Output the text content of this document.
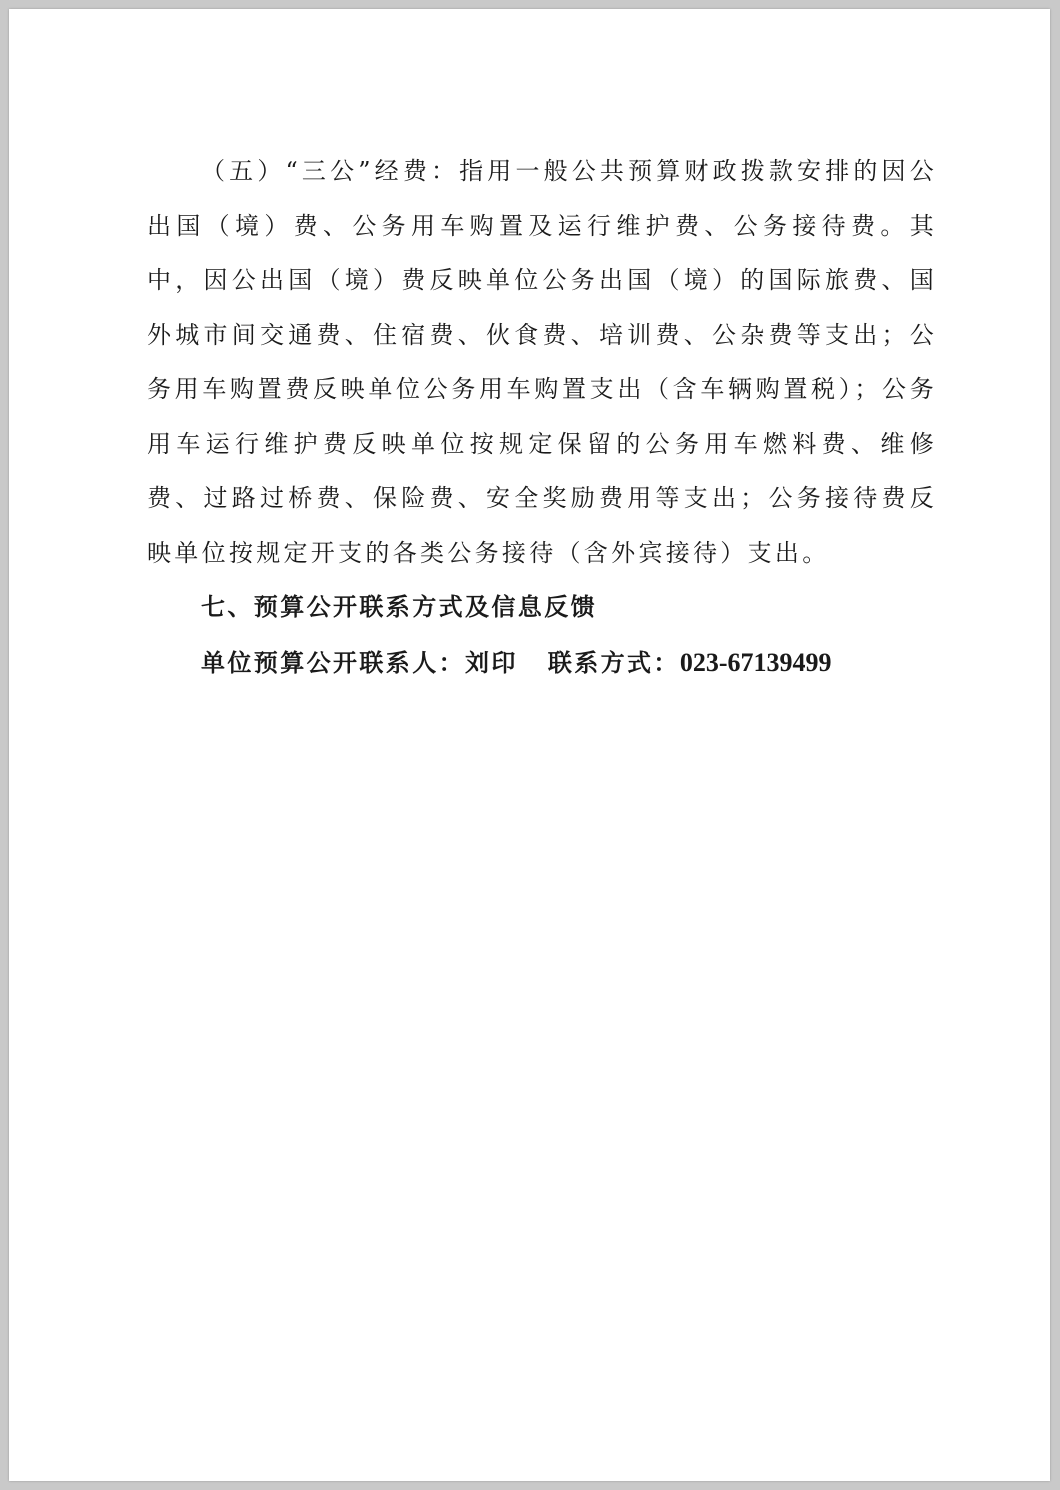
（五）“三公”经费：指用一般公共预算财政拨款安排的因公出国（境）费、公务用车购置及运行维护费、公务接待费。其中，因公出国（境）费反映单位公务出国（境）的国际旅费、国外城市间交通费、住宿费、伙食费、培训费、公杂费等支出；公务用车购置费反映单位公务用车购置支出（含车辆购置税）；公务用车运行维护费反映单位按规定保留的公务用车燃料费、维修费、过路过桥费、保险费、安全奖励费用等支出；公务接待费反映单位按规定开支的各类公务接待（含外宾接待）支出。

七、预算公开联系方式及信息反馈

单位预算公开联系人：刘印 联系方式：023-67139499
